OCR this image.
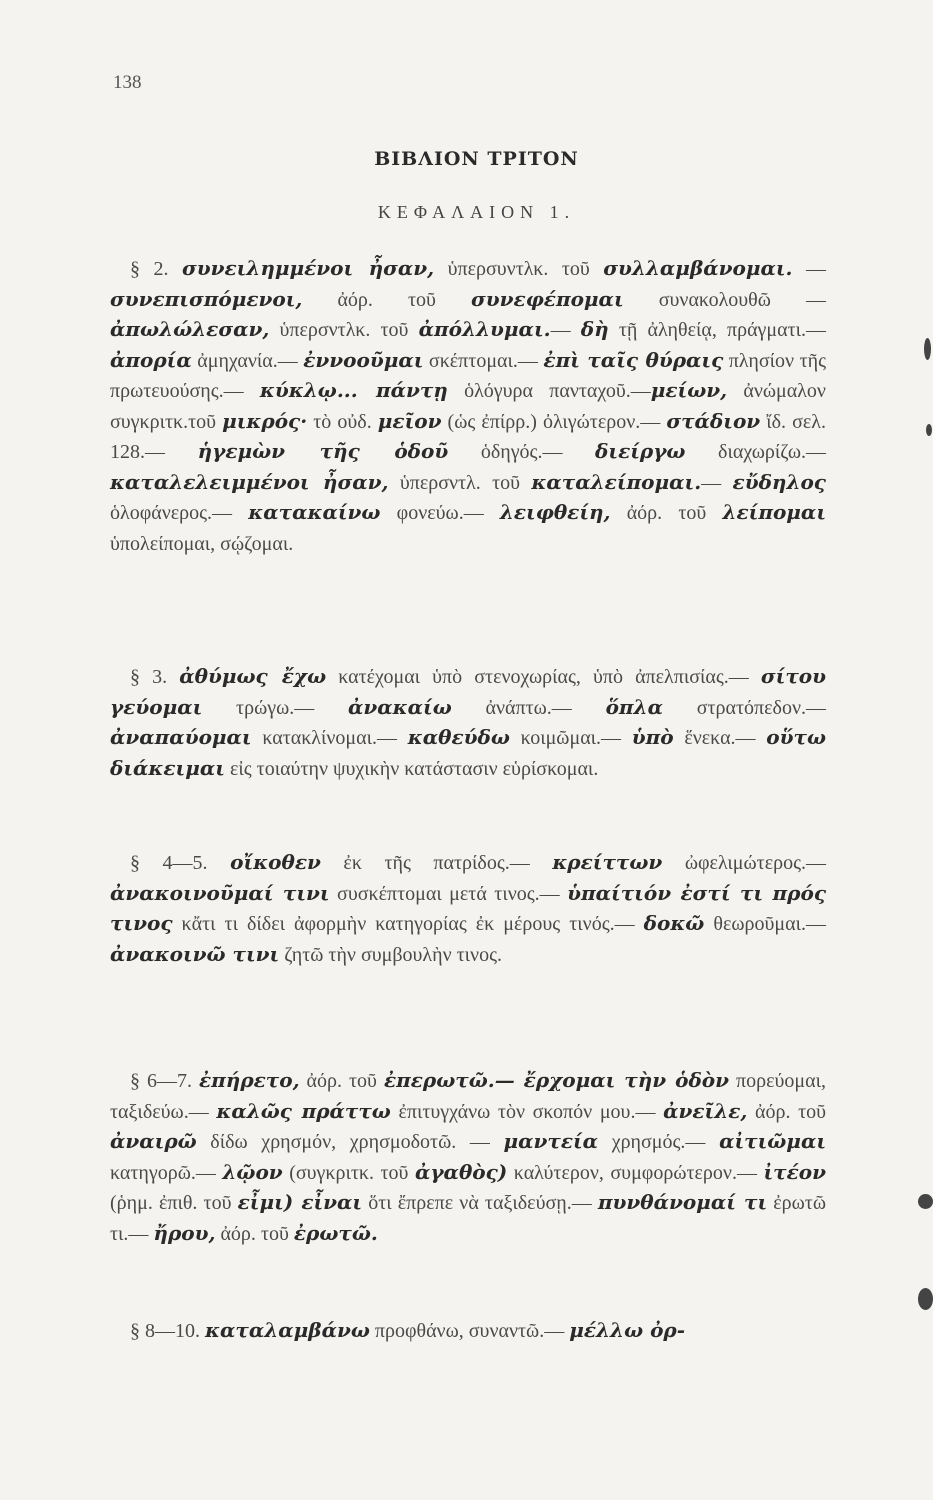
138
ΒΙΒΛΙΟΝ ΤΡΙΤΟΝ
ΚΕΦΑΛΑΙΟΝ 1.
§ 2. συνειλημμένοι ἦσαν, ὑπερσυντλκ. τοῦ συλλαμβάνομαι. — συνεπισπόμενοι, ἀόρ. τοῦ συνεφέπομαι συνακολουθῶ — ἀπωλώλεσαν, ὑπερσντλκ. τοῦ ἀπόλλυμαι.— δὴ τῇ ἀληθείᾳ, πράγματι.— ἀπορία ἀμηχανία.— ἐννοοῦμαι σκέπτομαι.— ἐπὶ ταῖς θύραις πλησίον τῆς πρωτευούσης.— κύκλῳ... πάντῃ ὁλόγυρα πανταχοῦ.—μείων, ἀνώμαλον συγκριτκ.τοῦ μικρός· τὸ οὐδ. μεῖον (ὡς ἐπίρρ.) ὀλιγώτερον.— στάδιον ἴδ. σελ. 128.— ἡγεμὼν τῆς ὁδοῦ ὁδηγός.— διείργω διαχωρίζω.— καταλελειμμένοι ἦσαν, ὑπερσντλ. τοῦ καταλείπομαι.— εὔδηλος ὁλοφάνερος.— κατακαίνω φονεύω.— λειφθείη, ἀόρ. τοῦ λείπομαι ὑπολείπομαι, σῴζομαι.
§ 3. ἀθύμως ἔχω κατέχομαι ὑπὸ στενοχωρίας, ὑπὸ ἀπελπισίας.— σίτου γεύομαι τρώγω.— ἀνακαίω ἀνάπτω.— ὅπλα στρατόπεδον.— ἀναπαύομαι κατακλίνομαι.— καθεύδω κοιμῶμαι.— ὑπὸ ἕνεκα.— οὕτω διάκειμαι εἰς τοιαύτην ψυχικὴν κατάστασιν εὑρίσκομαι.
§ 4—5. οἴκοθεν ἐκ τῆς πατρίδος.— κρείττων ὠφελιμώτερος.— ἀνακοινοῦμαί τινι συσκέπτομαι μετά τινος.— ὑπαίτιόν ἐστί τι πρός τινος κἄτι τι δίδει ἀφορμὴν κατηγορίας ἐκ μέρους τινός.— δοκῶ θεωροῦμαι.— ἀνακοινῶ τινι ζητῶ τὴν συμβουλὴν τινος.
§ 6—7. ἐπήρετο, ἀόρ. τοῦ ἐπερωτῶ.— ἔρχομαι τὴν ὁδὸν πορεύομαι, ταξιδεύω.— καλῶς πράττω ἐπιτυγχάνω τὸν σκοπόν μου.— ἀνεῖλε, ἀόρ. τοῦ ἀναιρῶ δίδω χρησμόν, χρησμοδοτῶ. — μαντεία χρησμός.— αἰτιῶμαι κατηγορῶ.— λῷον (συγκριτκ. τοῦ ἀγαθὸς) καλύτερον, συμφορώτερον.— ἰτέον (ῥημ. ἐπιθ. τοῦ εἶμι) εἶναι ὅτι ἔπρεπε νὰ ταξιδεύσῃ.— πυνθάνομαί τι ἐρωτῶ τι.— ἤρου, ἀόρ. τοῦ ἐρωτῶ.
§ 8—10. καταλαμβάνω προφθάνω, συναντῶ.— μέλλω ὀρ-
